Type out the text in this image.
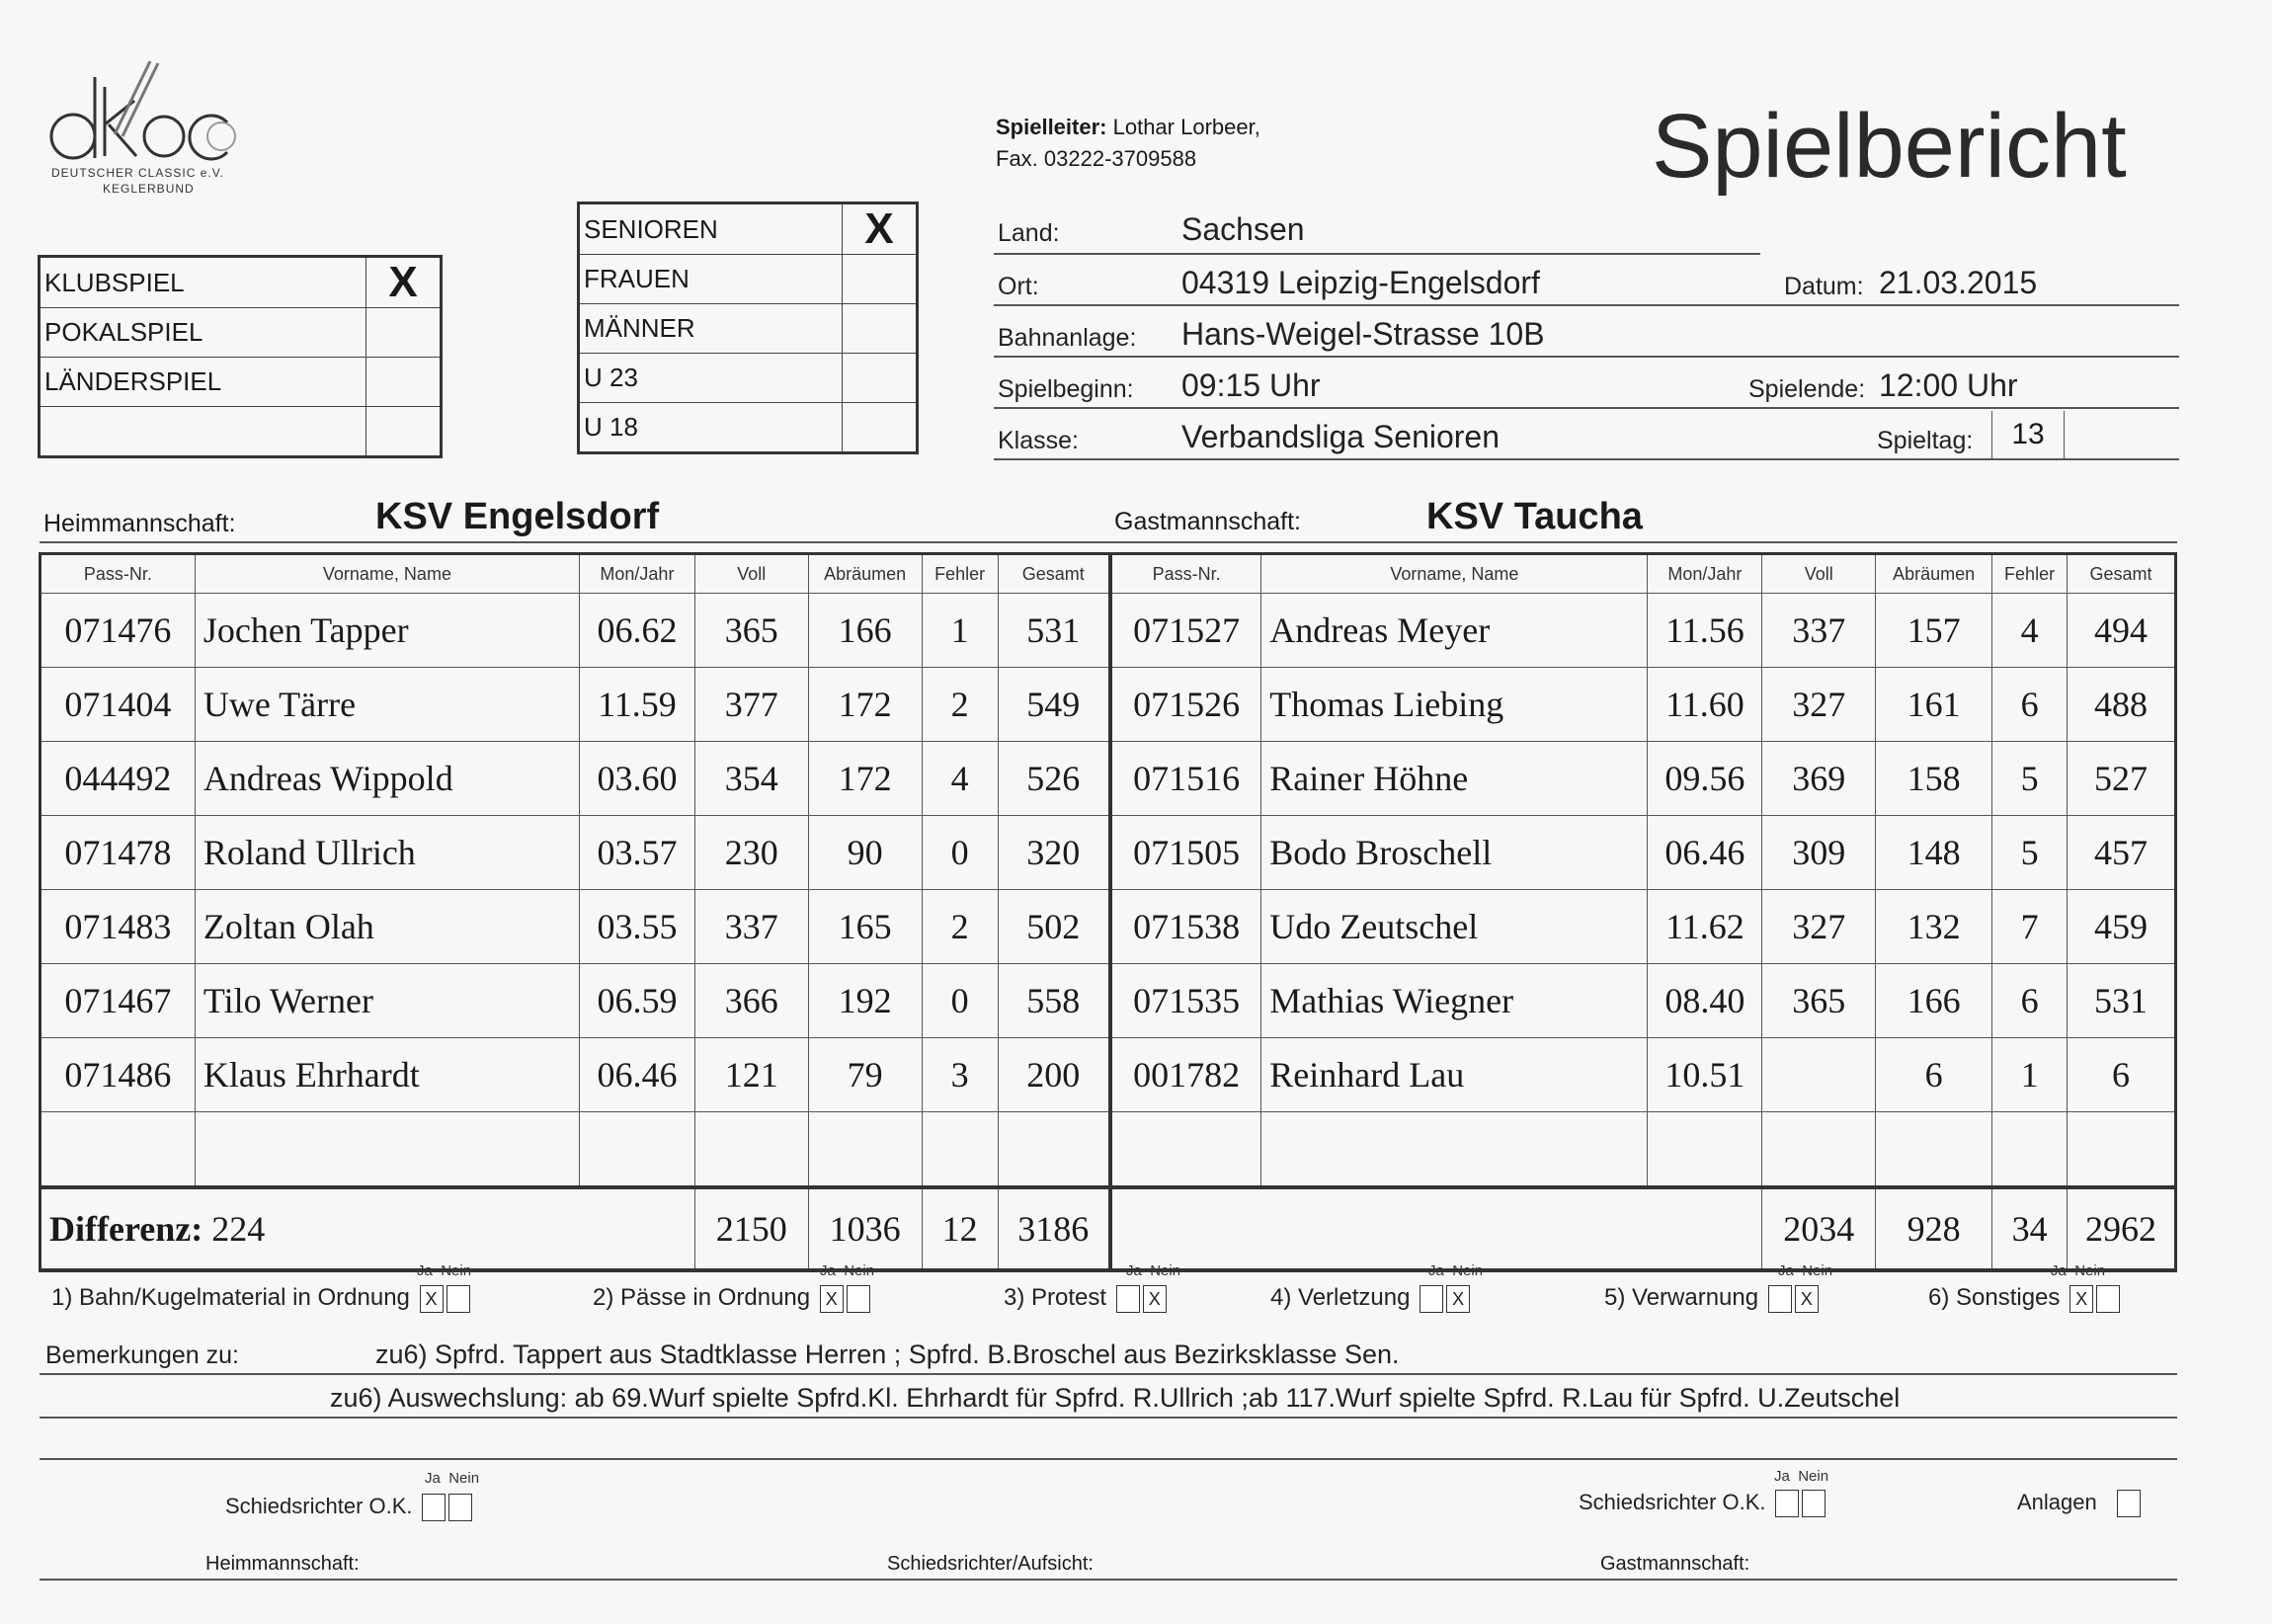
DEUTSCHER CLASSIC e.V.
KEGLERBUND	Spielbericht
Spielleiter: Lothar Lorbeer,
Fax. 03222-3709588
KLUBSPIEL	X
POKALSPIEL	
LÄNDERSPIEL	

SENIOREN	X
FRAUEN	
MÄNNER	
U 23	
U 18	
Land:	Sachsen
Ort:	04319 Leipzig-Engelsdorf	Datum: 21.03.2015
Bahnanlage: Hans-Weigel-Strasse 10B
Spielbeginn: 09:15 Uhr	Spielende: 12:00 Uhr
Klasse:	Verbandsliga Senioren	Spieltag:	13
Heimmannschaft:	KSV Engelsdorf	Gastmannschaft:	KSV Taucha
Pass-Nr.	Vorname, Name	Mon/Jahr	Voll	Abräumen	Fehler	Gesamt	Pass-Nr.	Vorname, Name	Mon/Jahr	Voll	Abräumen	Fehler	Gesamt
071476	Jochen Tapper	06.62	365	166	1	531	071527	Andreas Meyer	11.56	337	157	4	494
071404	Uwe Tärre	11.59	377	172	2	549	071526	Thomas Liebing	11.60	327	161	6	488
044492	Andreas Wippold	03.60	354	172	4	526	071516	Rainer Höhne	09.56	369	158	5	527
071478	Roland Ullrich	03.57	230	90	0	320	071505	Bodo Broschell	06.46	309	148	5	457
071483	Zoltan Olah	03.55	337	165	2	502	071538	Udo Zeutschel	11.62	327	132	7	459
071467	Tilo Werner	06.59	366	192	0	558	071535	Mathias Wiegner	08.40	365	166	6	531
071486	Klaus Ehrhardt	06.46	121	79	3	200	001782	Reinhard Lau	10.51		6	1	6

Differenz: 224			2150	1036	12	3186				2034	928	34	2962
Ja Nein
1) Bahn/Kugelmaterial in Ordnung X
Ja Nein
2) Pässe in Ordnung X
Ja Nein
3) Protest X
Ja Nein
4) Verletzung X
Ja Nein
5) Verwarnung X
Ja Nein
6) Sonstiges X
Bemerkungen zu:	zu6) Spfrd. Tappert aus Stadtklasse Herren ; Spfrd. B.Broschel aus Bezirksklasse Sen.
zu6) Auswechslung: ab 69.Wurf spielte Spfrd.Kl. Ehrhardt für Spfrd. R.Ullrich ;ab 117.Wurf spielte Spfrd. R.Lau für Spfrd. U.Zeutschel
Ja Nein
Schiedsrichter O.K.
Ja Nein
Schiedsrichter O.K.	Anlagen
Heimmannschaft:	Schiedsrichter/Aufsicht:	Gastmannschaft:
